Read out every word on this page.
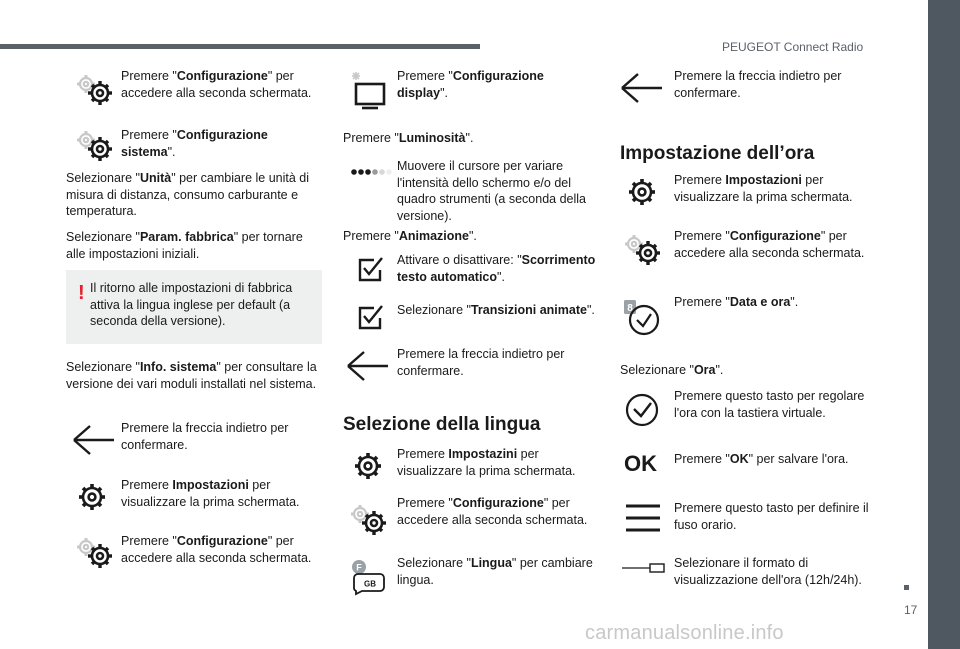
PEUGEOT Connect Radio
17
carmanualsonline.info
Premere "Configurazione" per accedere alla seconda schermata.
Premere "Configurazione sistema".
Selezionare "Unità" per cambiare le unità di misura di distanza, consumo carburante e temperatura.
Selezionare "Param. fabbrica" per tornare alle impostazioni iniziali.
! Il ritorno alle impostazioni di fabbrica attiva la lingua inglese per default (a seconda della versione).
Selezionare "Info. sistema" per consultare la versione dei vari moduli installati nel sistema.
Premere la freccia indietro per confermare.
Premere Impostazioni per visualizzare la prima schermata.
Premere "Configurazione" per accedere alla seconda schermata.
Premere "Configurazione display".
Premere "Luminosità".
Muovere il cursore per variare l'intensità dello schermo e/o del quadro strumenti (a seconda della versione).
Premere "Animazione".
Attivare o disattivare: "Scorrimento testo automatico".
Selezionare "Transizioni animate".
Premere la freccia indietro per confermare.
Selezione della lingua
Premere Impostazini per visualizzare la prima schermata.
Premere "Configurazione" per accedere alla seconda schermata.
F
GB
Selezionare "Lingua" per cambiare lingua.
Premere la freccia indietro per confermare.
Impostazione dell’ora
Premere Impostazioni per visualizzare la prima schermata.
Premere "Configurazione" per accedere alla seconda schermata.
8	Premere "Data e ora".
Selezionare "Ora".
Premere questo tasto per regolare l'ora con la tastiera virtuale.
OK	Premere "OK" per salvare l'ora.
Premere questo tasto per definire il fuso orario.
Selezionare il formato di visualizzazione dell'ora (12h/24h).
